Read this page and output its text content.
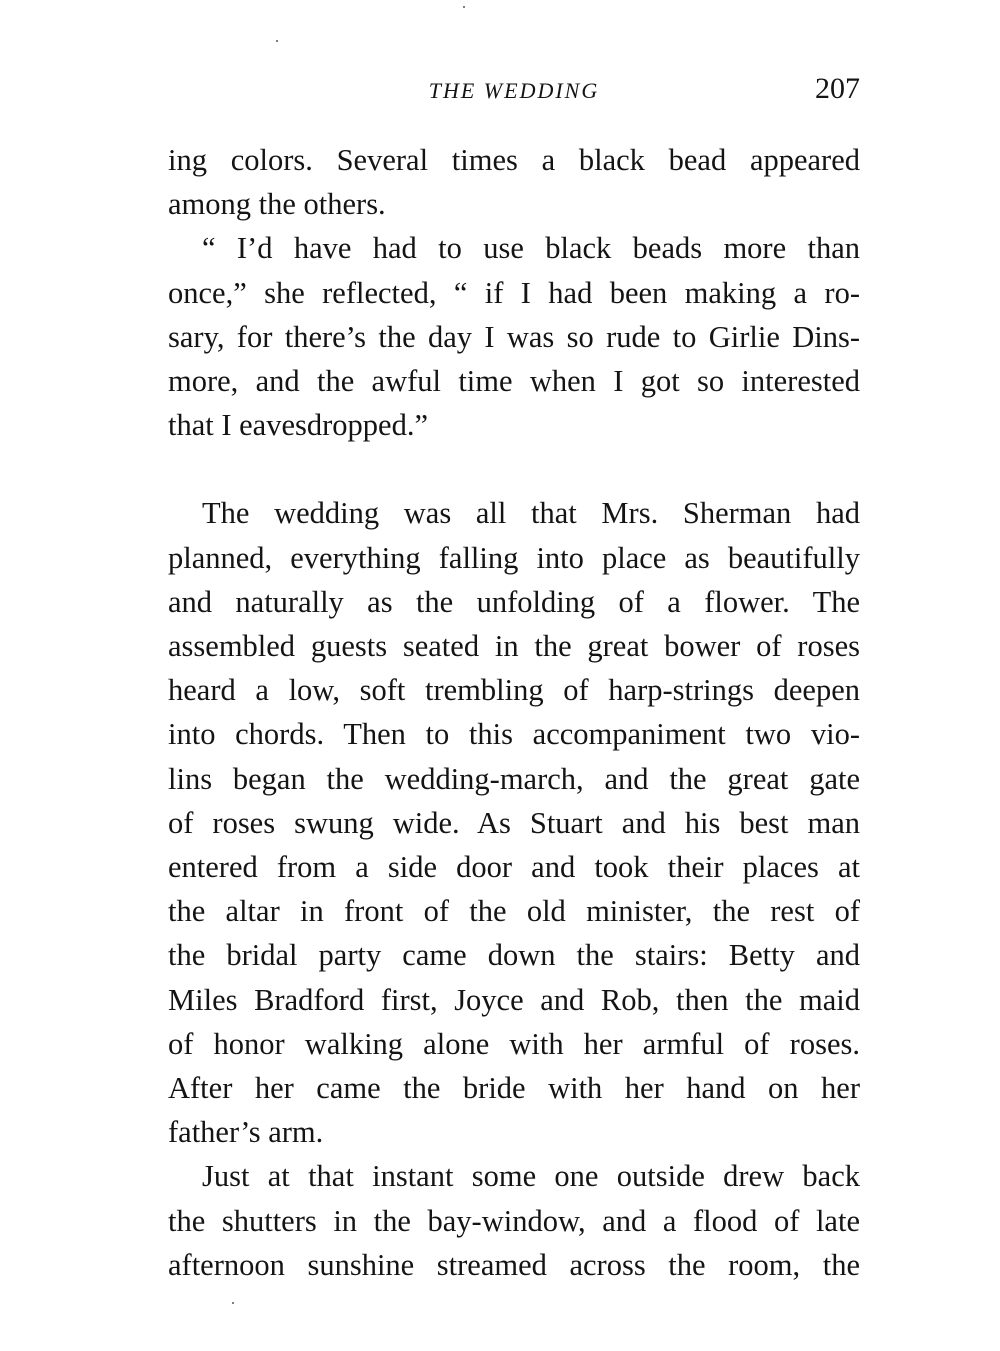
THE WEDDING	207

ing colors. Several times a black bead appeared
among the others.

“ I’d have had to use black beads more than
once,” she reflected, “ if I had been making a ro-
sary, for there’s the day I was so rude to Girlie Dins-
more, and the awful time when I got so interested
that I eavesdropped.”

The wedding was all that Mrs. Sherman had
planned, everything falling into place as beautifully
and naturally as the unfolding of a flower. The
assembled guests seated in the great bower of roses
heard a low, soft trembling of harp-strings deepen
into chords. Then to this accompaniment two vio-
lins began the wedding-march, and the great gate
of roses swung wide. As Stuart and his best man
entered from a side door and took their places at
the altar in front of the old minister, the rest of
the bridal party came down the stairs: Betty and
Miles Bradford first, Joyce and Rob, then the maid
of honor walking alone with her armful of roses.
After her came the bride with her hand on her
father’s arm.

Just at that instant some one outside drew back
the shutters in the bay-window, and a flood of late
afternoon sunshine streamed across the room, the
